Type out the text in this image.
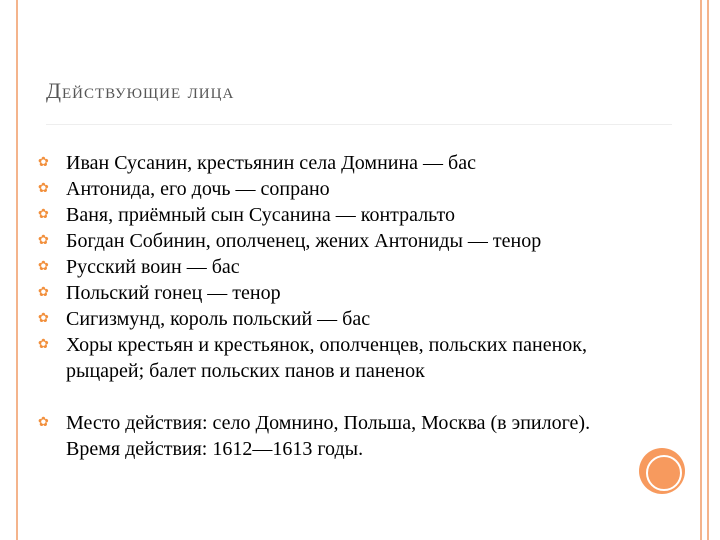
Действующие лица
✿ Иван Сусанин, крестьянин села Домнина — бас
✿ Антонида, его дочь — сопрано
✿ Ваня, приёмный сын Сусанина — контральто
✿ Богдан Собинин, ополченец, жених Антониды — тенор
✿ Русский воин — бас
✿ Польский гонец — тенор
✿ Сигизмунд, король польский — бас
✿ Хоры крестьян и крестьянок, ополченцев, польских паненок, рыцарей; балет польских панов и паненок
✿ Место действия: село Домнино, Польша, Москва (в эпилоге). Время действия: 1612—1613 годы.
